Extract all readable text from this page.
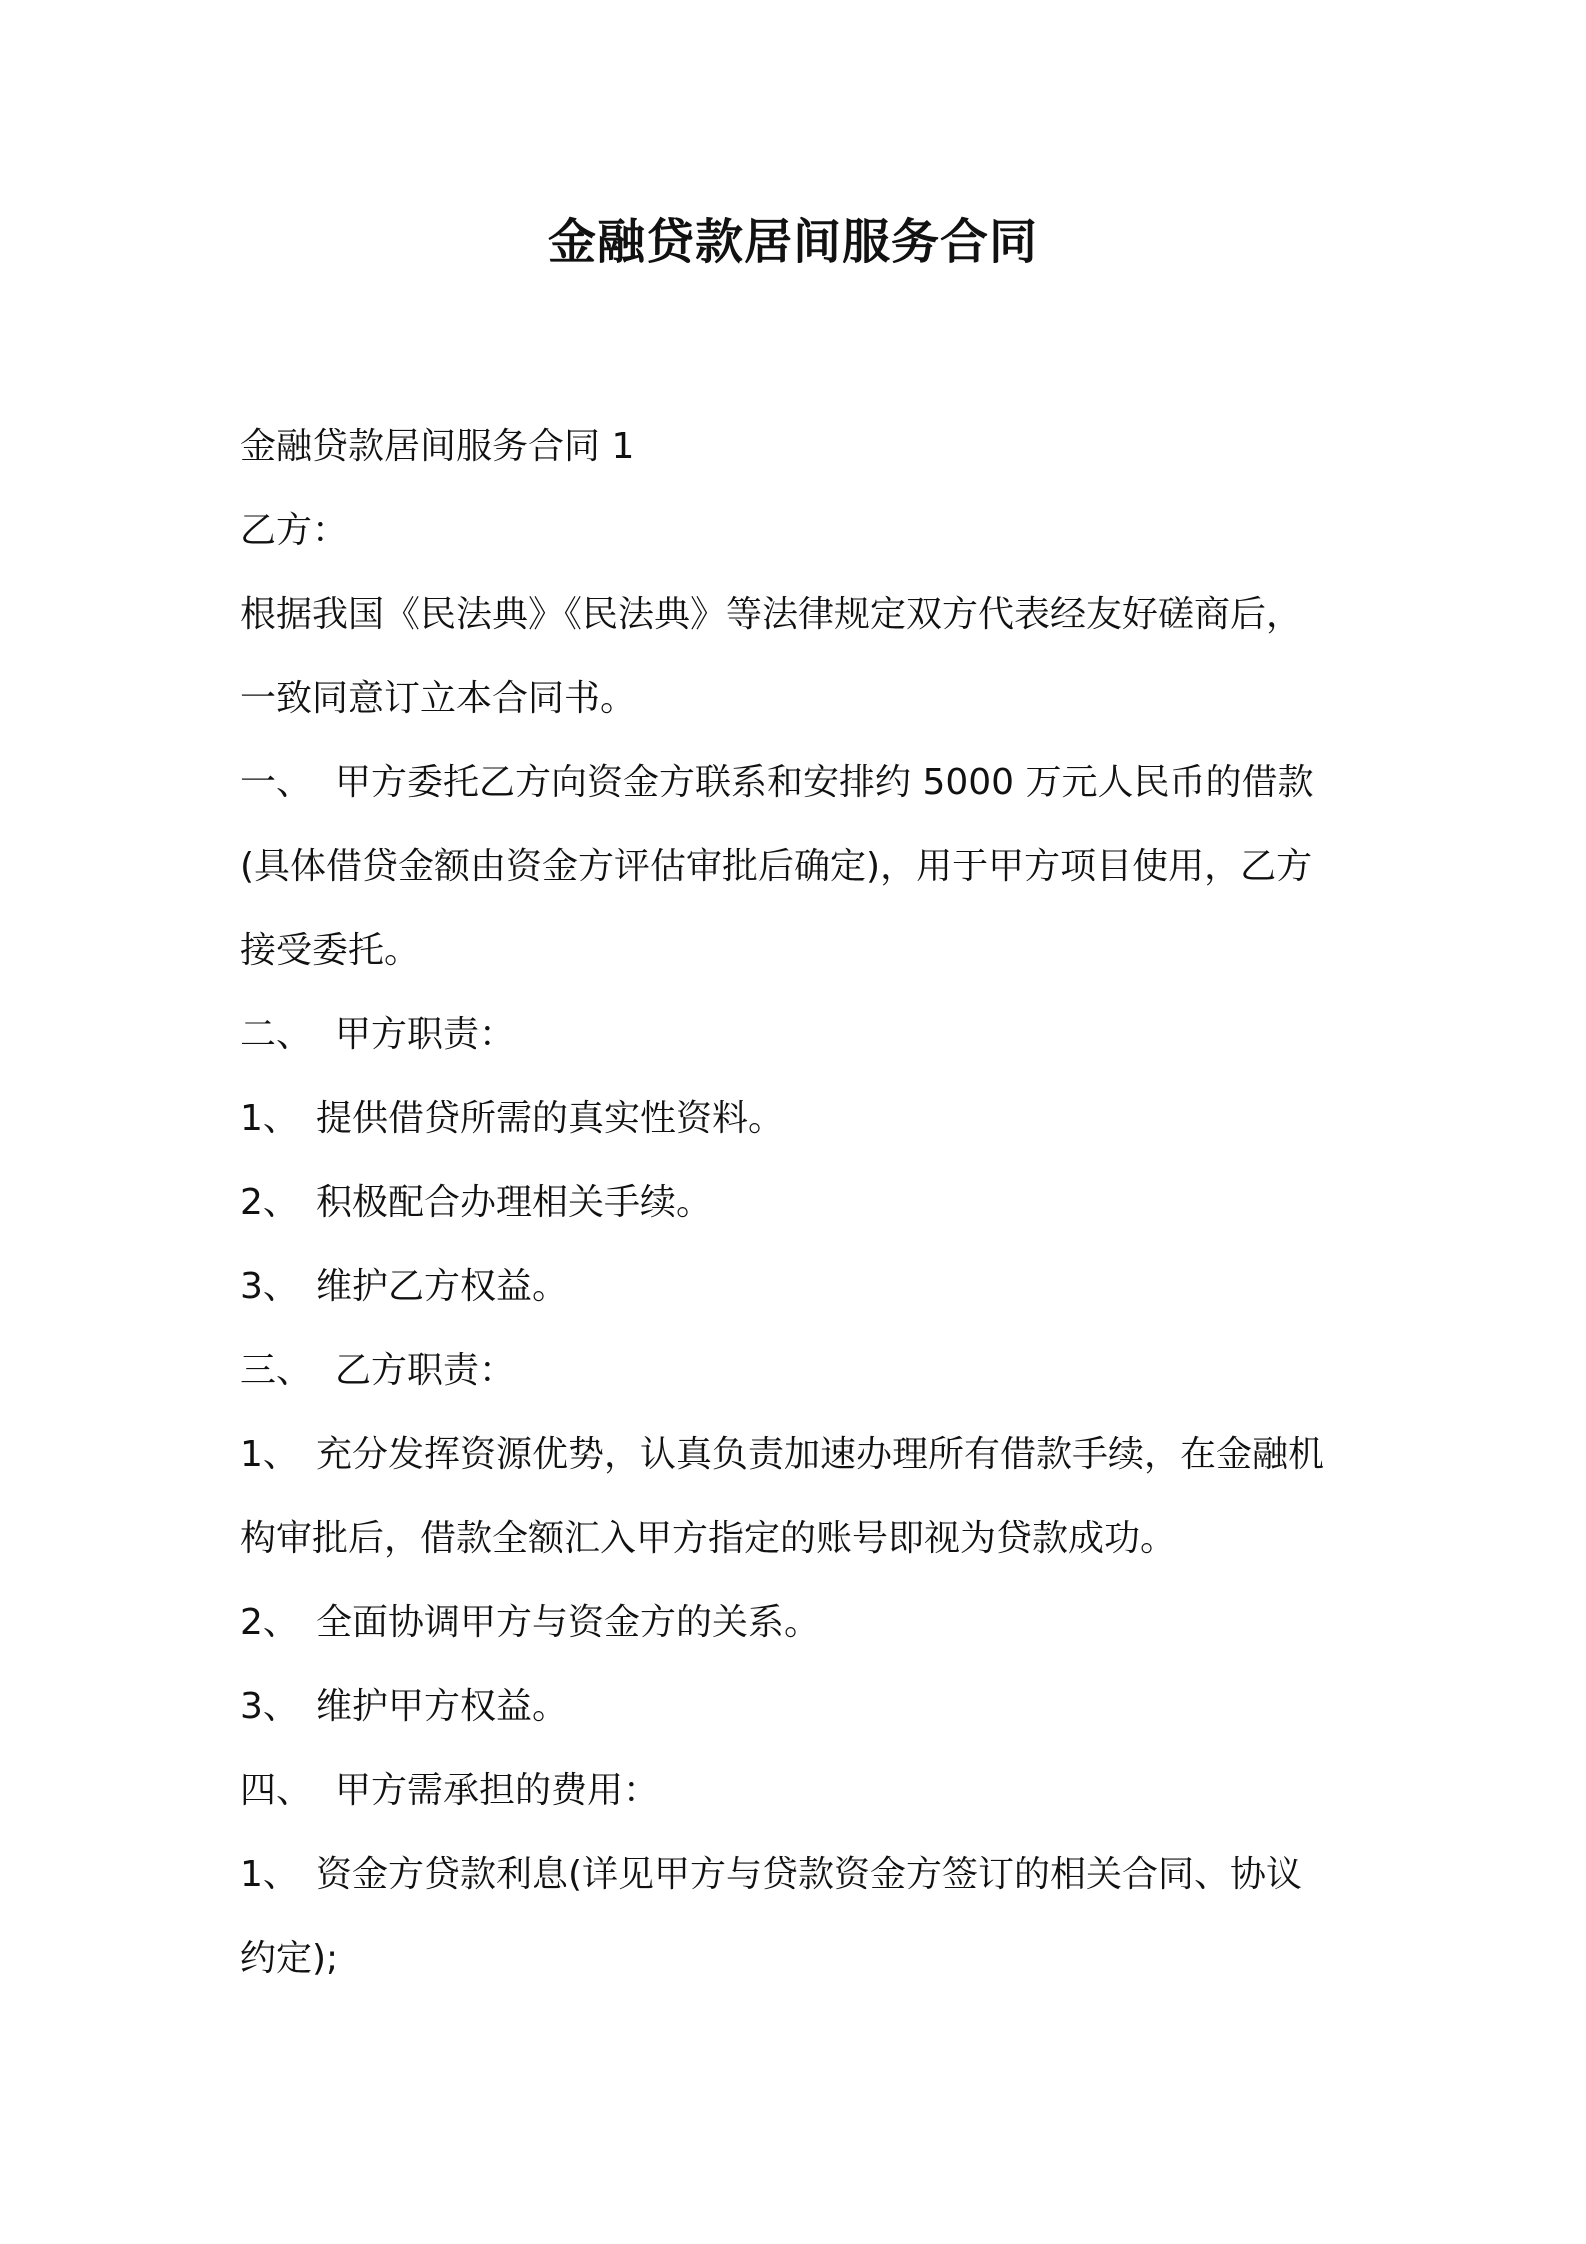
金融贷款居间服务合同
金融贷款居间服务合同 1
乙方：
根据我国《民法典》《民法典》等法律规定双方代表经友好磋商后，
一致同意订立本合同书。
一、 甲方委托乙方向资金方联系和安排约 5000 万元人民币的借款
(具体借贷金额由资金方评估审批后确定)，用于甲方项目使用，乙方
接受委托。
二、 甲方职责：
1、 提供借贷所需的真实性资料。
2、 积极配合办理相关手续。
3、 维护乙方权益。
三、 乙方职责：
1、 充分发挥资源优势，认真负责加速办理所有借款手续，在金融机
构审批后，借款全额汇入甲方指定的账号即视为贷款成功。
2、 全面协调甲方与资金方的关系。
3、 维护甲方权益。
四、 甲方需承担的费用：
1、 资金方贷款利息(详见甲方与贷款资金方签订的相关合同、协议
约定);
